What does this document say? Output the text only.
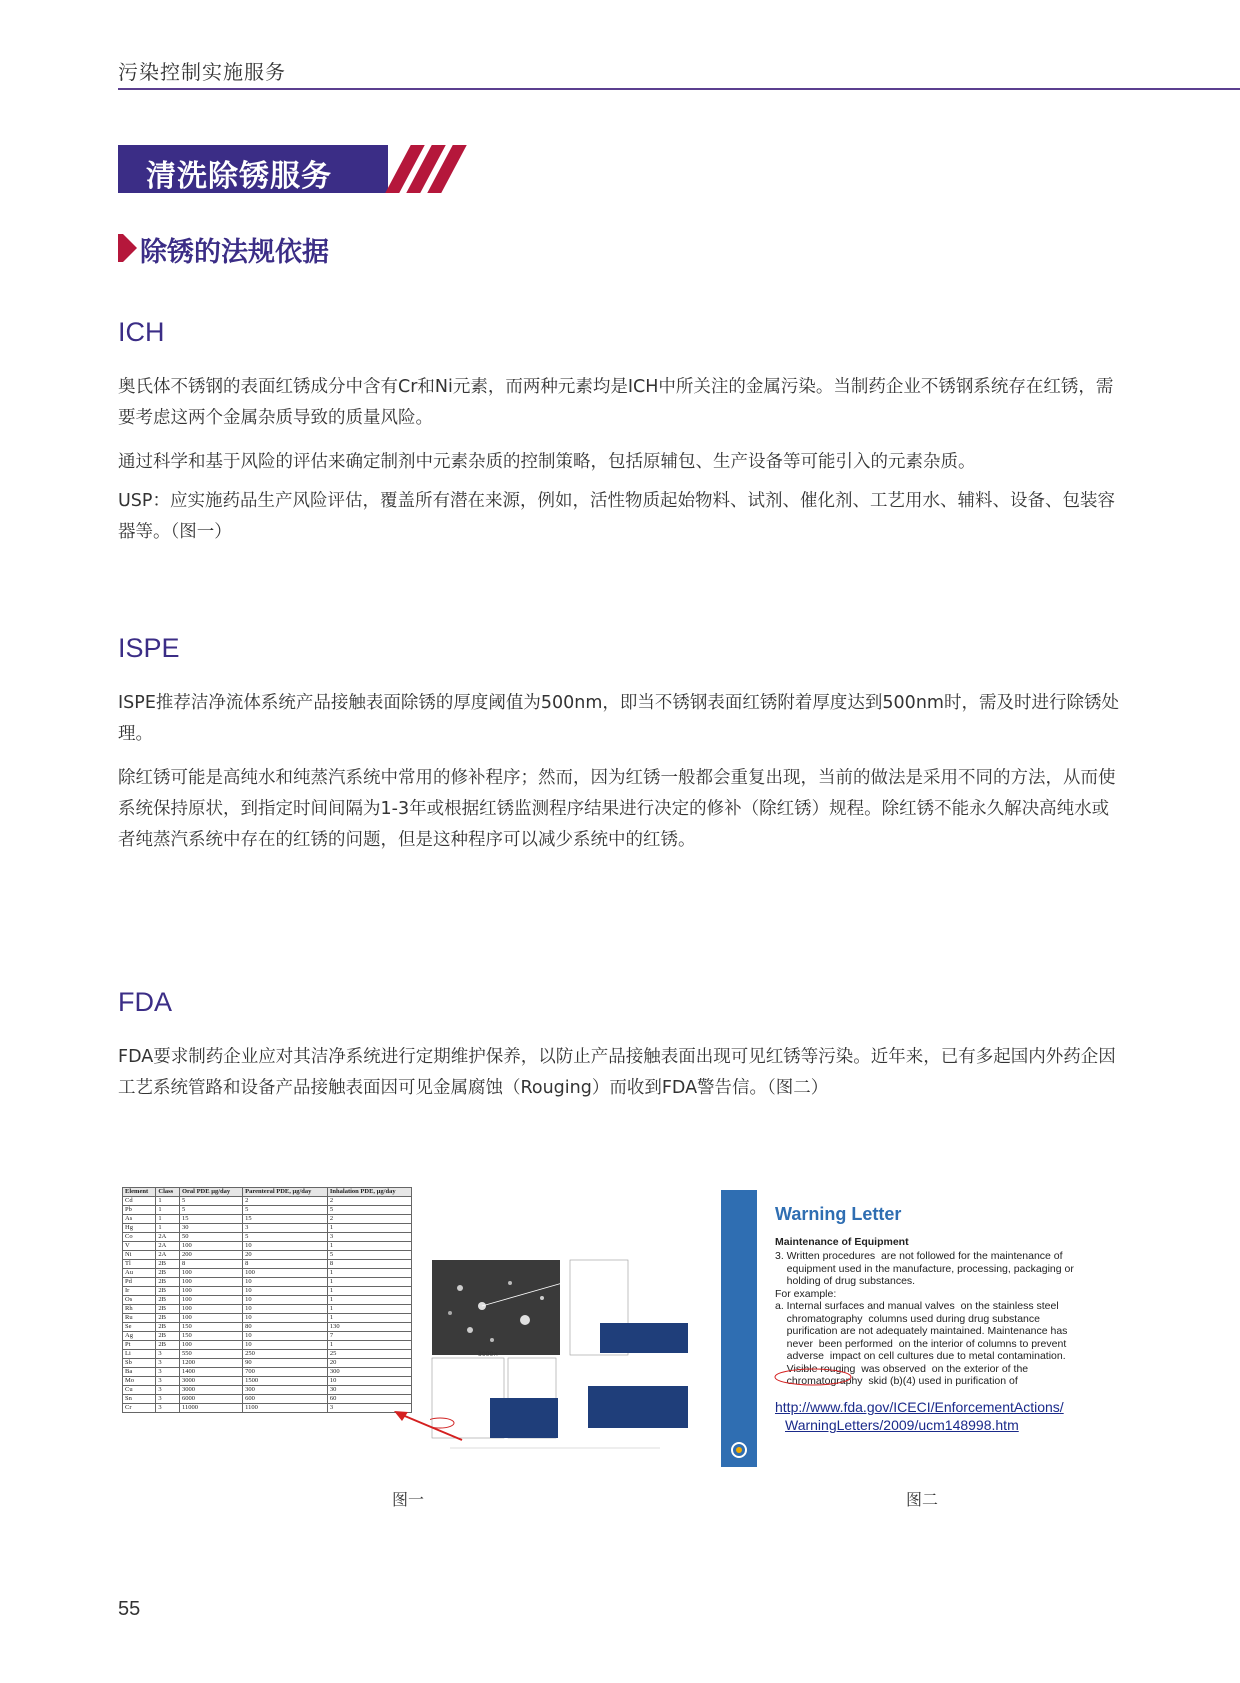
污染控制实施服务
清洗除锈服务
除锈的法规依据
ICH
奥氏体不锈钢的表面红锈成分中含有Cr和Ni元素，而两种元素均是ICH中所关注的金属污染。当制药企业不锈钢系统存在红锈，需要考虑这两个金属杂质导致的质量风险。
通过科学和基于风险的评估来确定制剂中元素杂质的控制策略，包括原辅包、生产设备等可能引入的元素杂质。
USP：应实施药品生产风险评估，覆盖所有潜在来源，例如，活性物质起始物料、试剂、催化剂、工艺用水、辅料、设备、包装容器等。（图一）
ISPE
ISPE推荐洁净流体系统产品接触表面除锈的厚度阈值为500nm，即当不锈钢表面红锈附着厚度达到500nm时，需及时进行除锈处理。
除红锈可能是高纯水和纯蒸汽系统中常用的修补程序；然而，因为红锈一般都会重复出现，当前的做法是采用不同的方法，从而使系统保持原状，到指定时间间隔为1-3年或根据红锈监测程序结果进行决定的修补（除红锈）规程。除红锈不能永久解决高纯水或者纯蒸汽系统中存在的红锈的问题，但是这种程序可以减少系统中的红锈。
FDA
FDA要求制药企业应对其洁净系统进行定期维护保养，以防止产品接触表面出现可见红锈等污染。近年来，已有多起国内外药企因工艺系统管路和设备产品接触表面因可见金属腐蚀（Rouging）而收到FDA警告信。（图二）
Element	Class	Oral PDE µg/day	Parenteral PDE, µg/day	Inhalation PDE, µg/day
Cd	1	5	2	2
Pb	1	5	5	5
As	1	15	15	2
Hg	1	30	3	1
Co	2A	50	5	3
V	2A	100	10	1
Ni	2A	200	20	5
Tl	2B	8	8	8
Au	2B	100	100	1
Pd	2B	100	10	1
Ir	2B	100	10	1
Os	2B	100	10	1
Rh	2B	100	10	1
Ru	2B	100	10	1
Se	2B	150	80	130
Ag	2B	150	10	7
Pt	2B	100	10	1
Li	3	550	250	25
Sb	3	1200	90	20
Ba	3	1400	700	300
Mo	3	3000	1500	10
Cu	3	3000	300	30
Sn	3	6000	600	60
Cr	3	11000	1100	3
3000×
图一
Warning Letter
Maintenance of Equipment
3. Written procedures  are not followed for the maintenance of
equipment used in the manufacture, processing, packaging or
holding of drug substances.
For example:
a. Internal surfaces and manual valves  on the stainless steel
chromatography  columns used during drug substance
purification are not adequately maintained. Maintenance has
never  been performed  on the interior of columns to prevent
adverse  impact on cell cultures due to metal contamination.
Visible rouging  was observed  on the exterior of the
chromatography  skid (b)(4) used in purification of
http://www.fda.gov/ICECI/EnforcementActions/
WarningLetters/2009/ucm148998.htm
图二
55
